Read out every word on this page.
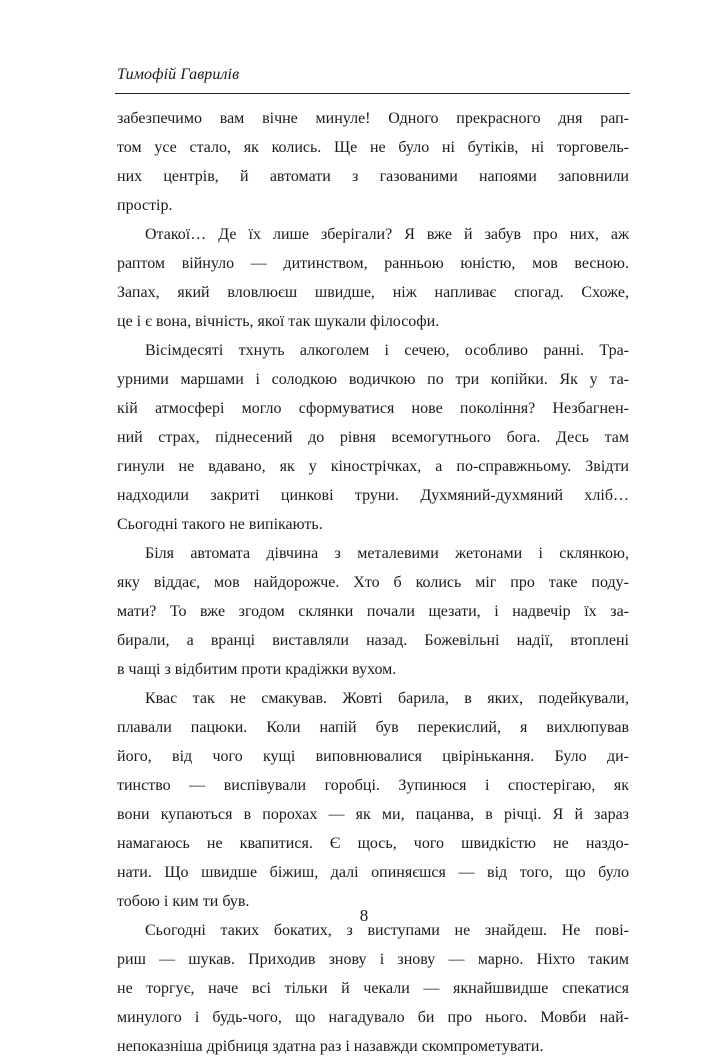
Тимофій Гаврилів
забезпечимо вам вічне минуле! Одного прекрасного дня рап-
том усе стало, як колись. Ще не було ні бутіків, ні торговель-
них центрів, й автомати з газованими напоями заповнили
простір.
Отакої… Де їх лише зберігали? Я вже й забув про них, аж
раптом війнуло — дитинством, ранньою юністю, мов весною.
Запах, який вловлюєш швидше, ніж напливає спогад. Схоже,
це і є вона, вічність, якої так шукали філософи.
Вісімдесяті тхнуть алкоголем і сечею, особливо ранні. Тра-
урними маршами і солодкою водичкою по три копійки. Як у та-
кій атмосфері могло сформуватися нове покоління? Незбагнен-
ний страх, піднесений до рівня всемогутнього бога. Десь там
гинули не вдавано, як у кінострічках, а по-справжньому. Звідти
надходили закриті цинкові труни. Духмяний-духмяний хліб…
Сьогодні такого не випікають.
Біля автомата дівчина з металевими жетонами і склянкою,
яку віддає, мов найдорожче. Хто б колись міг про таке поду-
мати? То вже згодом склянки почали щезати, і надвечір їх за-
бирали, а вранці виставляли назад. Божевільні надії, втоплені
в чащі з відбитим проти крадіжки вухом.
Квас так не смакував. Жовті барила, в яких, подейкували,
плавали пацюки. Коли напій був перекислий, я вихлюпував
його, від чого кущі виповнювалися цвірінькання. Було ди-
тинство — виспівували горобці. Зупинюся і спостерігаю, як
вони купаються в порохах — як ми, пацанва, в річці. Я й зараз
намагаюсь не квапитися. Є щось, чого швидкістю не наздо-
нати. Що швидше біжиш, далі опиняєшся — від того, що було
тобою і ким ти був.
Сьогодні таких бокатих, з виступами не знайдеш. Не пові-
риш — шукав. Приходив знову і знову — марно. Ніхто таким
не торгує, наче всі тільки й чекали — якнайшвидше спекатися
минулого і будь-чого, що нагадувало би про нього. Мовби най-
непоказніша дрібниця здатна раз і назавжди скомпрометувати.
8
